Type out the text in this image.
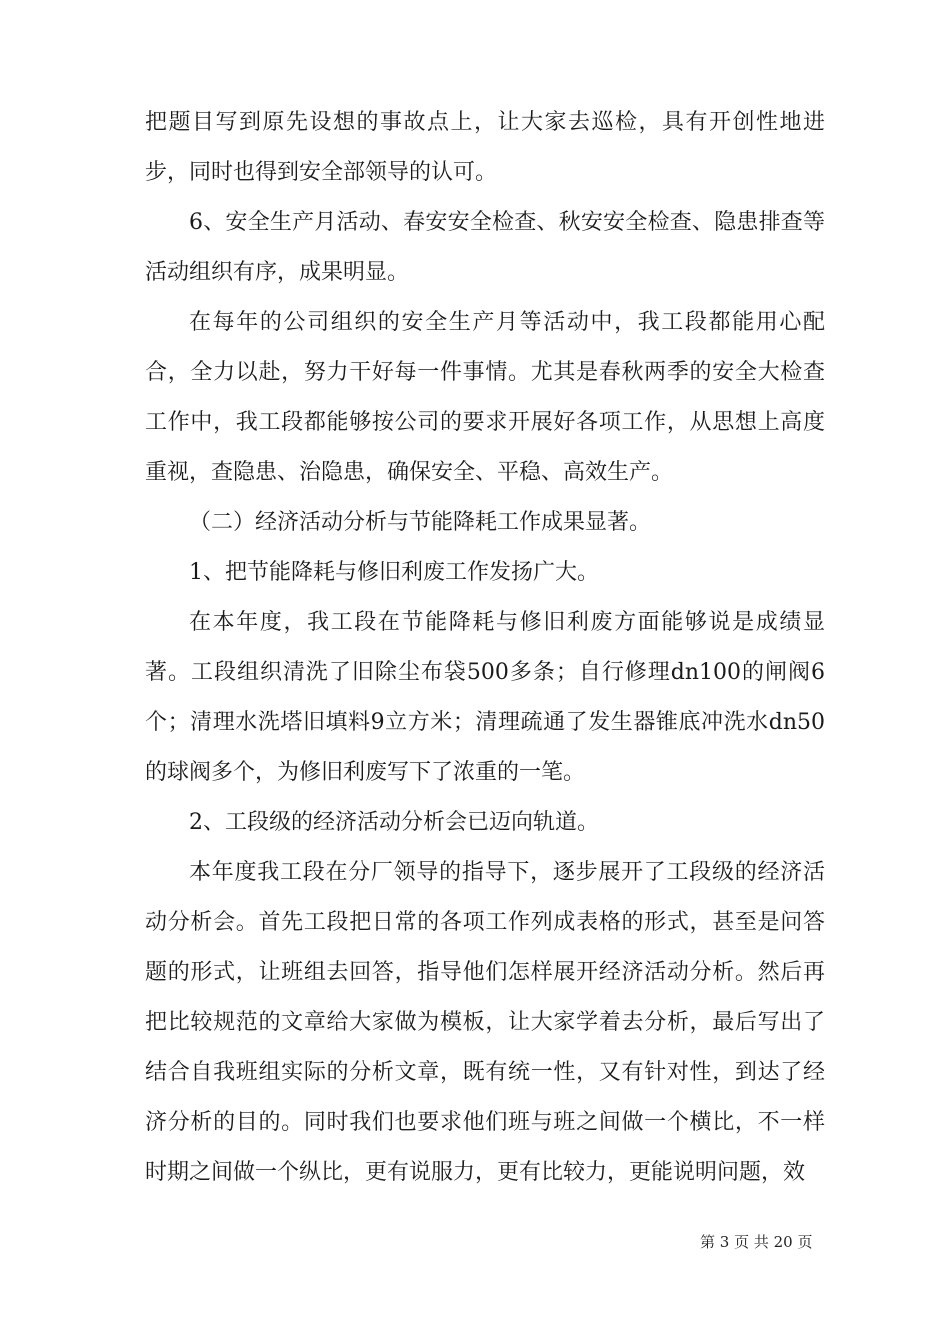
把题目写到原先设想的事故点上，让大家去巡检，具有开创性地进步，同时也得到安全部领导的认可。

6、安全生产月活动、春安安全检查、秋安安全检查、隐患排查等活动组织有序，成果明显。

在每年的公司组织的安全生产月等活动中，我工段都能用心配合，全力以赴，努力干好每一件事情。尤其是春秋两季的安全大检查工作中，我工段都能够按公司的要求开展好各项工作，从思想上高度重视，查隐患、治隐患，确保安全、平稳、高效生产。

（二）经济活动分析与节能降耗工作成果显著。

1、把节能降耗与修旧利废工作发扬广大。

在本年度，我工段在节能降耗与修旧利废方面能够说是成绩显著。工段组织清洗了旧除尘布袋500多条；自行修理dn100的闸阀6个；清理水洗塔旧填料9立方米；清理疏通了发生器锥底冲洗水dn50的球阀多个，为修旧利废写下了浓重的一笔。

2、工段级的经济活动分析会已迈向轨道。

本年度我工段在分厂领导的指导下，逐步展开了工段级的经济活动分析会。首先工段把日常的各项工作列成表格的形式，甚至是问答题的形式，让班组去回答，指导他们怎样展开经济活动分析。然后再把比较规范的文章给大家做为模板，让大家学着去分析，最后写出了结合自我班组实际的分析文章，既有统一性，又有针对性，到达了经济分析的目的。同时我们也要求他们班与班之间做一个横比，不一样时期之间做一个纵比，更有说服力，更有比较力，更能说明问题，效

第 3 页 共 20 页
